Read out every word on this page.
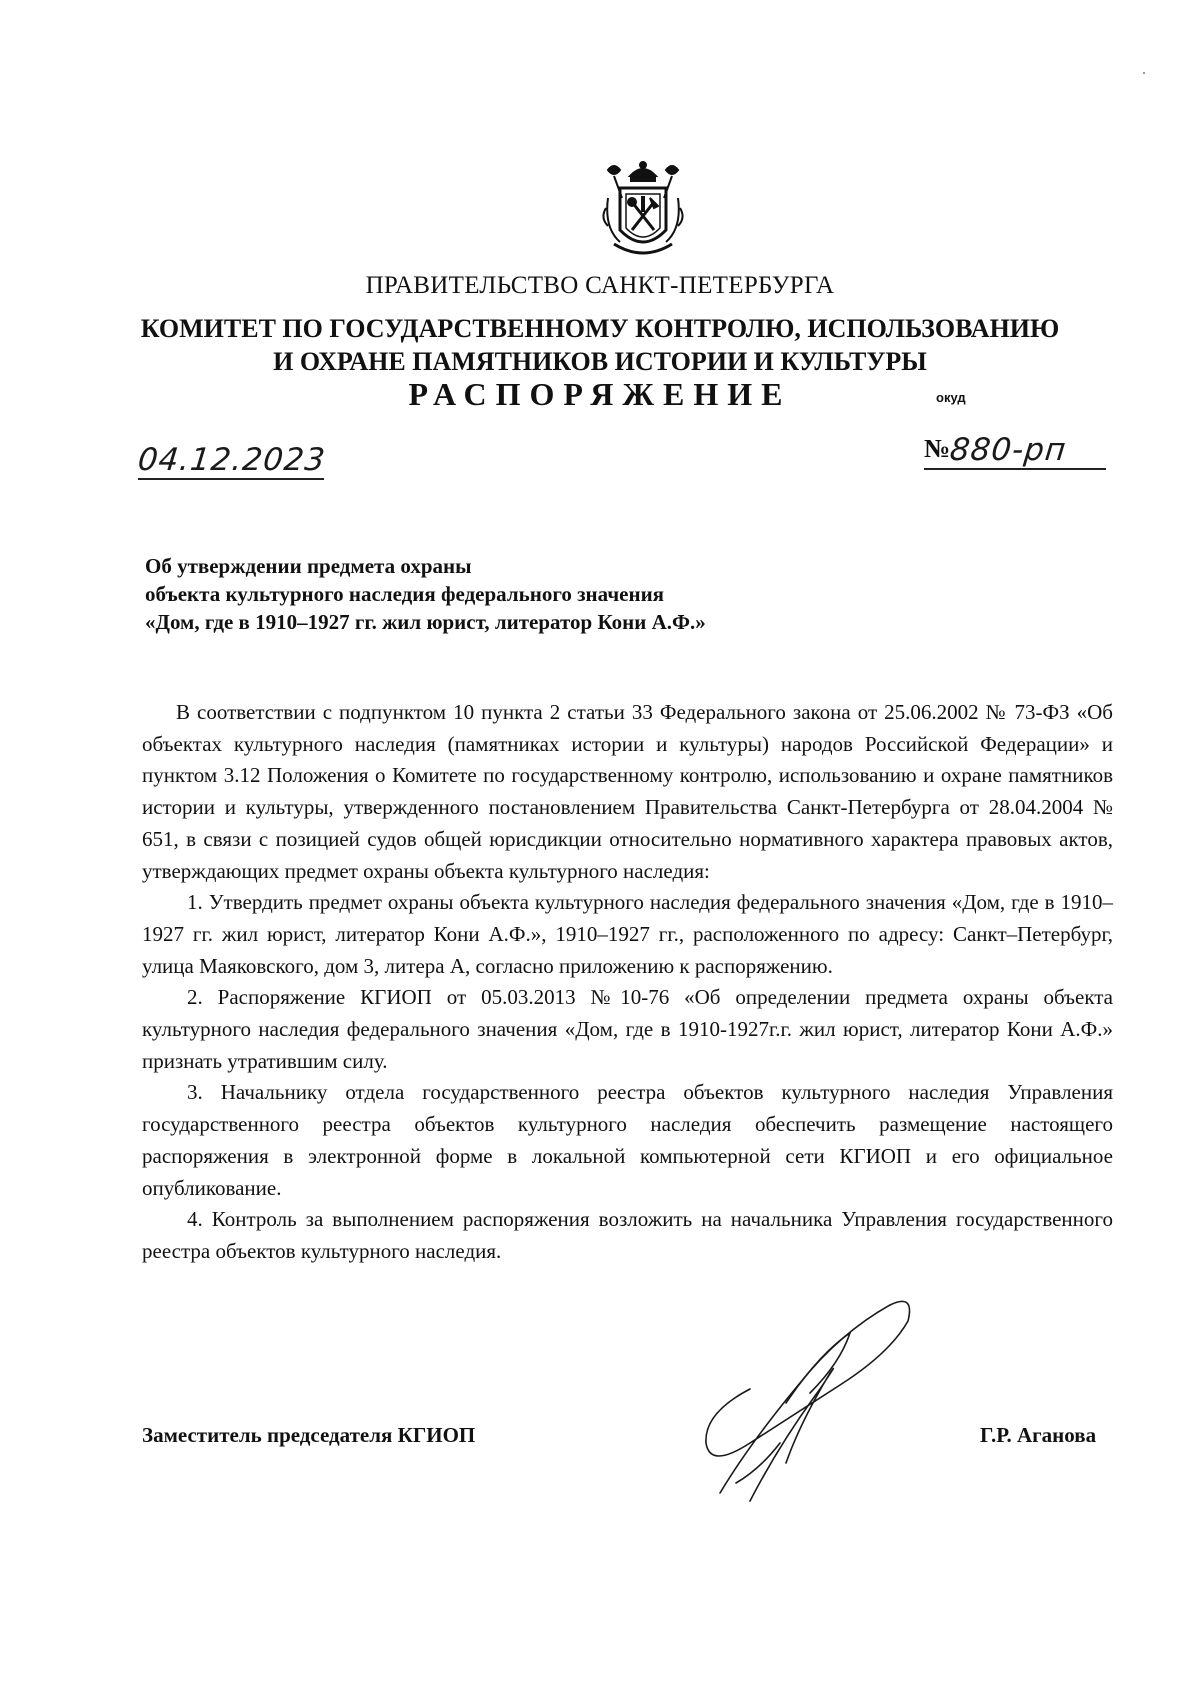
ПРАВИТЕЛЬСТВО САНКТ-ПЕТЕРБУРГА
КОМИТЕТ ПО ГОСУДАРСТВЕННОМУ КОНТРОЛЮ, ИСПОЛЬЗОВАНИЮ
И ОХРАНЕ ПАМЯТНИКОВ ИСТОРИИ И КУЛЬТУРЫ
РАСПОРЯЖЕНИЕ	окуд
04.12.2023	№880-рп
Об утверждении предмета охраны
объекта культурного наследия федерального значения
«Дом, где в 1910–1927 гг. жил юрист, литератор Кони А.Ф.»

В соответствии с подпунктом 10 пункта 2 статьи 33 Федерального закона от 25.06.2002 № 73-ФЗ «Об объектах культурного наследия (памятниках истории и культуры) народов Российской Федерации» и пунктом 3.12 Положения о Комитете по государственному контролю, использованию и охране памятников истории и культуры, утвержденного постановлением Правительства Санкт-Петербурга от 28.04.2004 № 651, в связи с позицией судов общей юрисдикции относительно нормативного характера правовых актов, утверждающих предмет охраны объекта культурного наследия:

1. Утвердить предмет охраны объекта культурного наследия федерального значения «Дом, где в 1910–1927 гг. жил юрист, литератор Кони А.Ф.», 1910–1927 гг., расположенного по адресу: Санкт–Петербург, улица Маяковского, дом 3, литера А, согласно приложению к распоряжению.

2. Распоряжение КГИОП от 05.03.2013 №10-76 «Об определении предмета охраны объекта культурного наследия федерального значения «Дом, где в 1910-1927г.г. жил юрист, литератор Кони А.Ф.» признать утратившим силу.

3. Начальнику отдела государственного реестра объектов культурного наследия Управления государственного реестра объектов культурного наследия обеспечить размещение настоящего распоряжения в электронной форме в локальной компьютерной сети КГИОП и его официальное опубликование.

4. Контроль за выполнением распоряжения возложить на начальника Управления государственного реестра объектов культурного наследия.

Заместитель председателя КГИОП	Г.Р. Аганова
